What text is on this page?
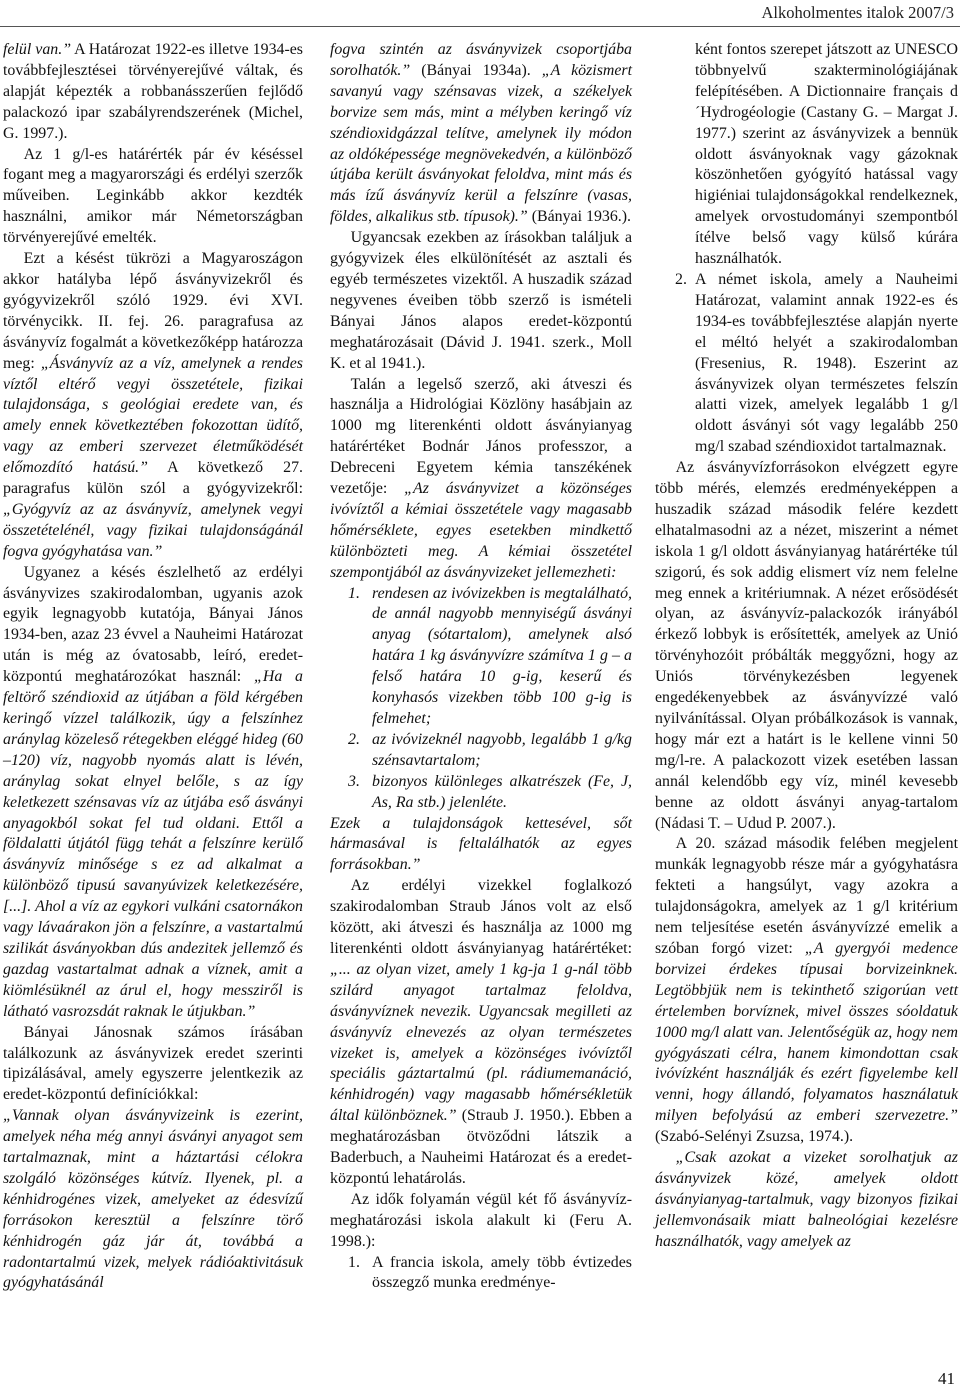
Alkoholmentes italok 2007/3

felül van.” A Határozat 1922-es illetve 1934-es továbbfejlesztései törvényerejűvé váltak, és alapját képezték a robbanásszerűen fejlődő palackozó ipar szabályrendszerének (Michel, G. 1997.).

Az 1 g/l-es határérték pár év késéssel fogant meg a magyarországi és erdélyi szerzők műveiben. Leginkább akkor kezdték használni, amikor már Németországban törvényerejűvé emelték.

Ezt a késést tükrözi a Magyaroszágon akkor hatályba lépő ásványvizekről és gyógyvizekről szóló 1929. évi XVI. törvénycikk. II. fej. 26. paragrafusa az ásványvíz fogalmát a következőképp határozza meg: „Ásványvíz az a víz, amelynek a rendes víztől eltérő vegyi összetétele, fizikai tulajdonsága, s geológiai eredete van, és amely ennek következtében fokozottan üdítő, vagy az emberi szervezet életműködését előmozdító hatású.” A következő 27. paragrafus külön szól a gyógyvizekről: „Gyógyvíz az az ásványvíz, amelynek vegyi összetételénél, vagy fizikai tulajdonságánál fogva gyógyhatása van.”

Ugyanez a késés észlelhető az erdélyi ásványvizes szakirodalomban, ugyanis azok egyik legnagyobb kutatója, Bányai János 1934-ben, azaz 23 évvel a Nauheimi Határozat után is még az óvatosabb, leíró, eredet-központú meghatározókat használ: „Ha a feltörő széndioxid az útjában a föld kérgében keringő vízzel találkozik, úgy a felszínhez aránylag közeleső rétegekben eléggé hideg (60 –120) víz, nagyobb nyomás alatt is lévén, aránylag sokat elnyel belőle, s az így keletkezett szénsavas víz az útjába eső ásványi anyagokból sokat fel tud oldani. Ettől a földalatti útjától függ tehát a felszínre kerülő ásványvíz minősége s ez ad alkalmat a különböző tipusú savanyúvizek keletkezésére, [...]. Ahol a víz az egykori vulkáni csatornákon vagy lávaárakon jön a felszínre, a vastartalmú szilikát ásványokban dús andezitek jellemző és gazdag vastartalmat adnak a víznek, amit a kiömlésüknél az árul el, hogy messziről is látható vasrozsdát raknak le útjukban.”

Bányai Jánosnak számos írásában találkozunk az ásványvizek eredet szerinti tipizálásával, amely egyszerre jelentkezik az eredet-központú definíciókkal:

„Vannak olyan ásványvizeink is ezerint, amelyek néha még annyi ásványi anyagot sem tartalmaznak, mint a háztartási célokra szolgáló közönséges kútvíz. Ilyenek, pl. a kénhidrogénes vizek, amelyeket az édesvízű forrásokon keresztül a felszínre törő kénhidrogén gáz jár át, továbbá a radontartalmú vizek, melyek rádióaktivitásuk gyógyhatásánál

fogva szintén az ásványvizek csoportjába sorolhatók.” (Bányai 1934a). „A közismert savanyú vagy szénsavas vizek, a székelyek borvize sem más, mint a mélyben keringő víz széndioxidgázzal telítve, amelynek ily módon az oldóképessége megnövekedvén, a különböző útjába került ásványokat feloldva, mint más és más ízű ásványvíz kerül a felszínre (vasas, földes, alkalikus stb. típusok).” (Bányai 1936.).

Ugyancsak ezekben az írásokban találjuk a gyógyvizek éles elkülönítését az asztali és egyéb természetes vizektől. A huszadik század negyvenes éveiben több szerző is ismételi Bányai János alapos eredet-központú meghatározásait (Dávid J. 1941. szerk., Moll K. et al 1941.).

Talán a legelső szerző, aki átveszi és használja a Hidrológiai Közlöny hasábjain az 1000 mg literenkénti oldott ásványianyag határértéket Bodnár János professzor, a Debreceni Egyetem kémia tanszékének vezetője: „Az ásványvizet a közönséges ivóvíztől a kémiai összetétele vagy magasabb hőmérséklete, egyes esetekben mindkettő különbözteti meg. A kémiai összetétel szempontjából az ásványvizeket jellemezheti:

1. rendesen az ivóvizekben is megtalálható, de annál nagyobb mennyiségű ásványi anyag (sótartalom), amelynek alsó határa 1 kg ásványvízre számítva 1 g – a felső határa 10 g-ig, keserű és konyhasós vizekben több 100 g-ig is felmehet;
2. az ivóvizeknél nagyobb, legalább 1 g/kg szénsavtartalom;
3. bizonyos különleges alkatrészek (Fe, J, As, Ra stb.) jelenléte.

Ezek a tulajdonságok kettesével, sőt hármasával is feltalálhatók az egyes forrásokban.”

Az erdélyi vizekkel foglalkozó szakirodalomban Straub János volt az első között, aki átveszi és használja az 1000 mg literenkénti oldott ásványianyag határértéket: „... az olyan vizet, amely 1 kg-ja 1 g-nál több szilárd anyagot tartalmaz feloldva, ásványvíznek nevezik. Ugyancsak megilleti az ásványvíz elnevezés az olyan természetes vizeket is, amelyek a közönséges ivóvíztől speciális gáztartalmú (pl. rádiumemanáció, kénhidrogén) vagy magasabb hőmérsékletük által különböznek.” (Straub J. 1950.). Ebben a meghatározásban ötvöződni látszik a Baderbuch, a Nauheimi Határozat és a eredet-központú lehatárolás.

Az idők folyamán végül két fő ásványvíz-meghatározási iskola alakult ki (Feru A. 1998.):

1. A francia iskola, amely több évtizedes összegző munka eredménye-

ként fontos szerepet játszott az UNESCO többnyelvű szakterminológiájának felépítésében. A Dictionnaire français d´Hydrogéologie (Castany G. – Margat J. 1977.) szerint az ásványvizek a bennük oldott ásványoknak vagy gázoknak köszönhetően gyógyító hatással vagy higiéniai tulajdonságokkal rendelkeznek, amelyek orvostudományi szempontból ítélve belső vagy külső kúrára használhatók.

2. A német iskola, amely a Nauheimi Határozat, valamint annak 1922-es és 1934-es továbbfejlesztése alapján nyerte el méltó helyét a szakirodalomban (Fresenius, R. 1948). Eszerint az ásványvizek olyan természetes felszín alatti vizek, amelyek legalább 1 g/l oldott ásványi sót vagy legalább 250 mg/l szabad széndioxidot tartalmaznak.

Az ásványvízforrásokon elvégzett egyre több mérés, elemzés eredményeképpen a huszadik század második felére kezdett elhatalmasodni az a nézet, miszerint a német iskola 1 g/l oldott ásványianyag határértéke túl szigorú, és sok addig elismert víz nem felelne meg ennek a kritériumnak. A nézet erősödését olyan, az ásványvíz-palackozók irányából érkező lobbyk is erősítették, amelyek az Unió törvényhozóit próbálták meggyőzni, hogy az Uniós törvénykezésben legyenek engedékenyebbek az ásványvízzé való nyilvánítással. Olyan próbálkozások is vannak, hogy már ezt a határt is le kellene vinni 50 mg/l-re. A palackozott vizek esetében lassan annál kelendőbb egy víz, minél kevesebb benne az oldott ásványi anyag-tartalom (Nádasi T. – Udud P. 2007.).

A 20. század második felében megjelent munkák legnagyobb része már a gyógyhatásra fekteti a hangsúlyt, vagy azokra a tulajdonságokra, amelyek az 1 g/l kritérium nem teljesítése esetén ásványvízzé emelik a szóban forgó vizet: „A gyergyói medence borvizei érdekes típusai borvizeinknek. Legtöbbjük nem is tekinthető szigorúan vett értelemben borvíznek, mivel összes sóoldatuk 1000 mg/l alatt van. Jelentőségük az, hogy nem gyógyászati célra, hanem kimondottan csak ivóvízként használják és ezért figyelembe kell venni, hogy állandó, folyamatos használatuk milyen befolyású az emberi szervezetre.” (Szabó-Selényi Zsuzsa, 1974.).

„Csak azokat a vizeket sorolhatjuk az ásványvizek közé, amelyek oldott ásványianyag-tartalmuk, vagy bizonyos fizikai jellemvonásaik miatt balneológiai kezelésre használhatók, vagy amelyek az

41
